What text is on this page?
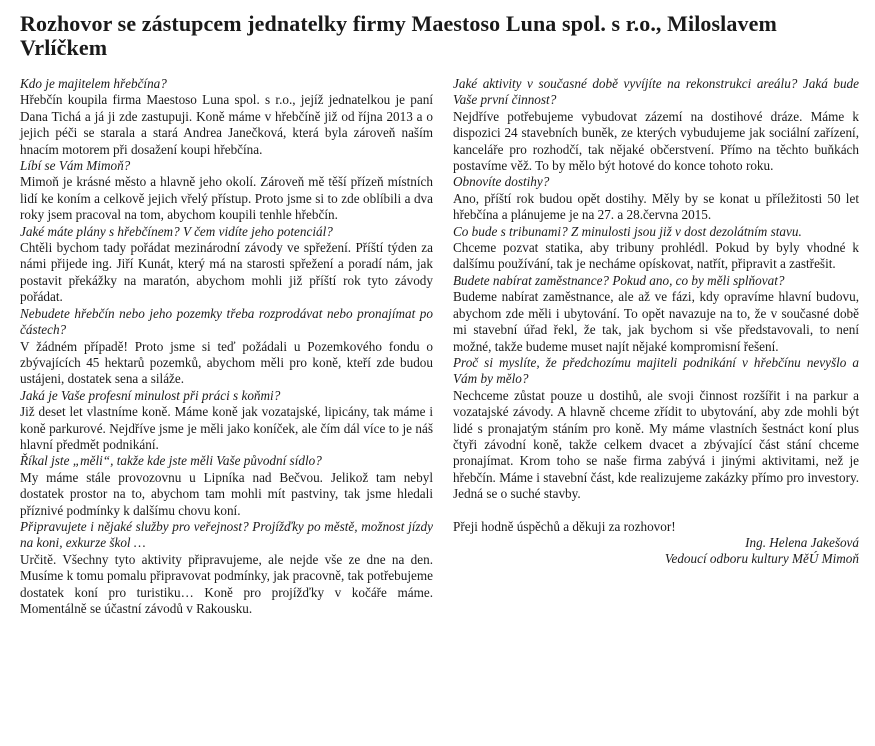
Rozhovor se zástupcem jednatelky firmy Maestoso Luna spol. s r.o., Miloslavem Vrlíčkem

Kdo je majitelem hřebčína?

Hřebčín koupila firma Maestoso Luna spol. s r.o., jejíž jednatelkou je paní Dana Tichá a já ji zde zastupuji. Koně máme v hřebčíně již od října 2013 a o jejich péči se starala a stará Andrea Janečková, která byla zároveň naším hnacím motorem při dosažení koupi hřebčína.

Líbí se Vám Mimoň?

Mimoň je krásné město a hlavně jeho okolí. Zároveň mě těší přízeň místních lidí ke koním a celkově jejich vřelý přístup. Proto jsme si to zde oblíbili a dva roky jsem pracoval na tom, abychom koupili tenhle hřebčín.

Jaké máte plány s hřebčínem? V čem vidíte jeho potenciál?

Chtěli bychom tady pořádat mezinárodní závody ve spřežení. Příští týden za námi přijede ing. Jiří Kunát, který má na starosti spřežení a poradí nám, jak postavit překážky na maratón, abychom mohli již příští rok tyto závody pořádat.

Nebudete hřebčín nebo jeho pozemky třeba rozprodávat nebo pronajímat po částech?

V žádném případě! Proto jsme si teď požádali u Pozemkového fondu o zbývajících 45 hektarů pozemků, abychom měli pro koně, kteří zde budou ustájeni, dostatek sena a siláže.

Jaká je Vaše profesní minulost při práci s koňmi?

Již deset let vlastníme koně. Máme koně jak vozatajské, lipicány, tak máme i koně parkurové. Nejdříve jsme je měli jako koníček, ale čím dál více to je náš hlavní předmět podnikání.

Říkal jste „měli“, takže kde jste měli Vaše původní sídlo?

My máme stále provozovnu u Lipníka nad Bečvou. Jelikož tam nebyl dostatek prostor na to, abychom tam mohli mít pastviny, tak jsme hledali příznivé podmínky k dalšímu chovu koní.

Připravujete i nějaké služby pro veřejnost? Projížďky po městě, možnost jízdy na koni, exkurze škol …

Určitě. Všechny tyto aktivity připravujeme, ale nejde vše ze dne na den. Musíme k tomu pomalu připravovat podmínky, jak pracovně, tak potřebujeme dostatek koní pro turistiku… Koně pro projížďky v kočáře máme. Momentálně se účastní závodů v Rakousku.

Jaké aktivity v současné době vyvíjíte na rekonstrukci areálu? Jaká bude Vaše první činnost?

Nejdříve potřebujeme vybudovat zázemí na dostihové dráze. Máme k dispozici 24 stavebních buněk, ze kterých vybudujeme jak sociální zařízení, kanceláře pro rozhodčí, tak nějaké občerstvení. Přímo na těchto buňkách postavíme věž. To by mělo být hotové do konce tohoto roku.

Obnovíte dostihy?

Ano, příští rok budou opět dostihy. Měly by se konat u příležitosti 50 let hřebčína a plánujeme je na 27. a 28.června 2015.

Co bude s tribunami? Z minulosti jsou již v dost dezolátním stavu.

Chceme pozvat statika, aby tribuny prohlédl. Pokud by byly vhodné k dalšímu používání, tak je necháme opískovat, natřít, připravit a zastřešit.

Budete nabírat zaměstnance? Pokud ano, co by měli splňovat?

Budeme nabírat zaměstnance, ale až ve fázi, kdy opravíme hlavní budovu, abychom zde měli i ubytování. To opět navazuje na to, že v současné době mi stavební úřad řekl, že tak, jak bychom si vše představovali, to není možné, takže budeme muset najít nějaké kompromisní řešení.

Proč si myslíte, že předchozímu majiteli podnikání v hřebčínu nevyšlo a Vám by mělo?

Nechceme zůstat pouze u dostihů, ale svoji činnost rozšířit i na parkur a vozatajské závody. A hlavně chceme zřídit to ubytování, aby zde mohli být lidé s pronajatým stáním pro koně. My máme vlastních šestnáct koní plus čtyři závodní koně, takže celkem dvacet a zbývající část stání chceme pronajímat. Krom toho se naše firma zabývá i jinými aktivitami, než je hřebčín. Máme i stavební část, kde realizujeme zakázky přímo pro investory. Jedná se o suché stavby.

Přeji hodně úspěchů a děkuji za rozhovor!

Ing. Helena Jakešová

Vedoucí odboru kultury MěÚ Mimoň
